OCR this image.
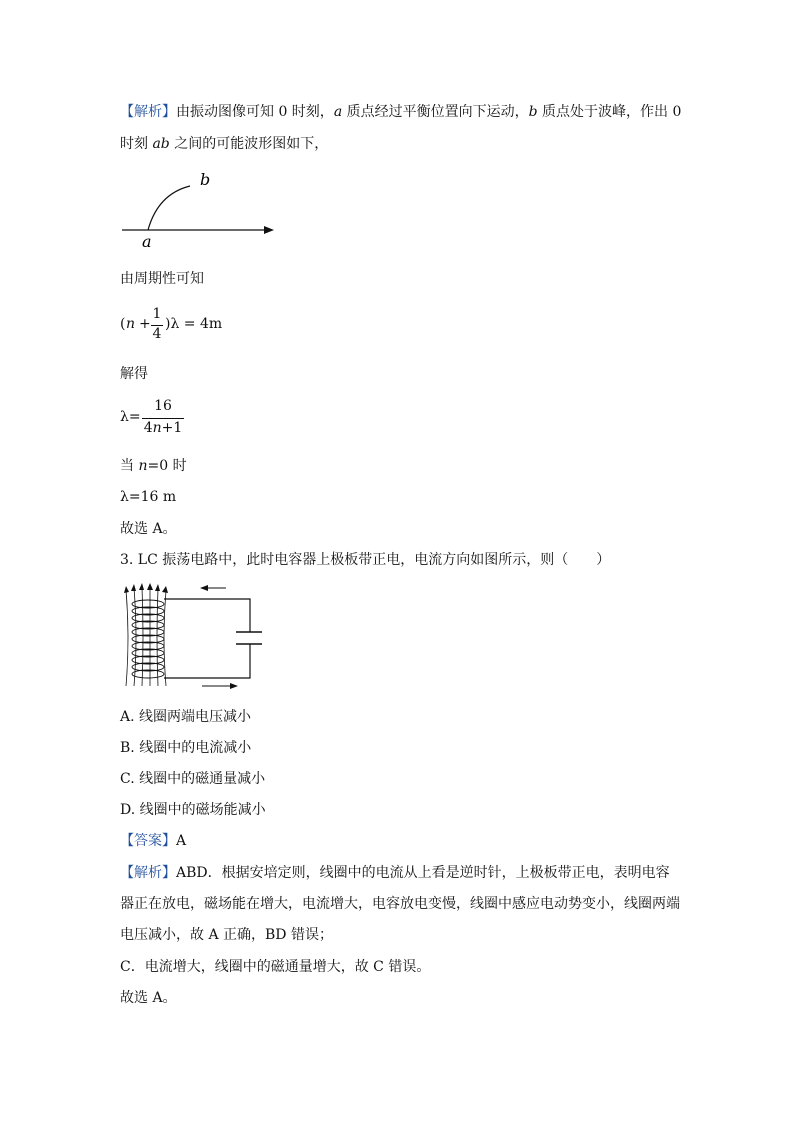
【解析】由振动图像可知 0 时刻，a 质点经过平衡位置向下运动，b 质点处于波峰，作出 0
时刻 ab 之间的可能波形图如下，
b
a
由周期性可知
( n +
1
4
)λ = 4m
解得
λ=
16
4n+1
当 n=0 时
λ=16 m
故选 A。
3. LC 振荡电路中，此时电容器上极板带正电，电流方向如图所示，则（　　）
A. 线圈两端电压减小
B. 线圈中的电流减小
C. 线圈中的磁通量减小
D. 线圈中的磁场能减小
【答案】A
【解析】ABD．根据安培定则，线圈中的电流从上看是逆时针，上极板带正电，表明电容
器正在放电，磁场能在增大，电流增大，电容放电变慢，线圈中感应电动势变小，线圈两端
电压减小，故 A 正确，BD 错误；
C．电流增大，线圈中的磁通量增大，故 C 错误。
故选 A。
